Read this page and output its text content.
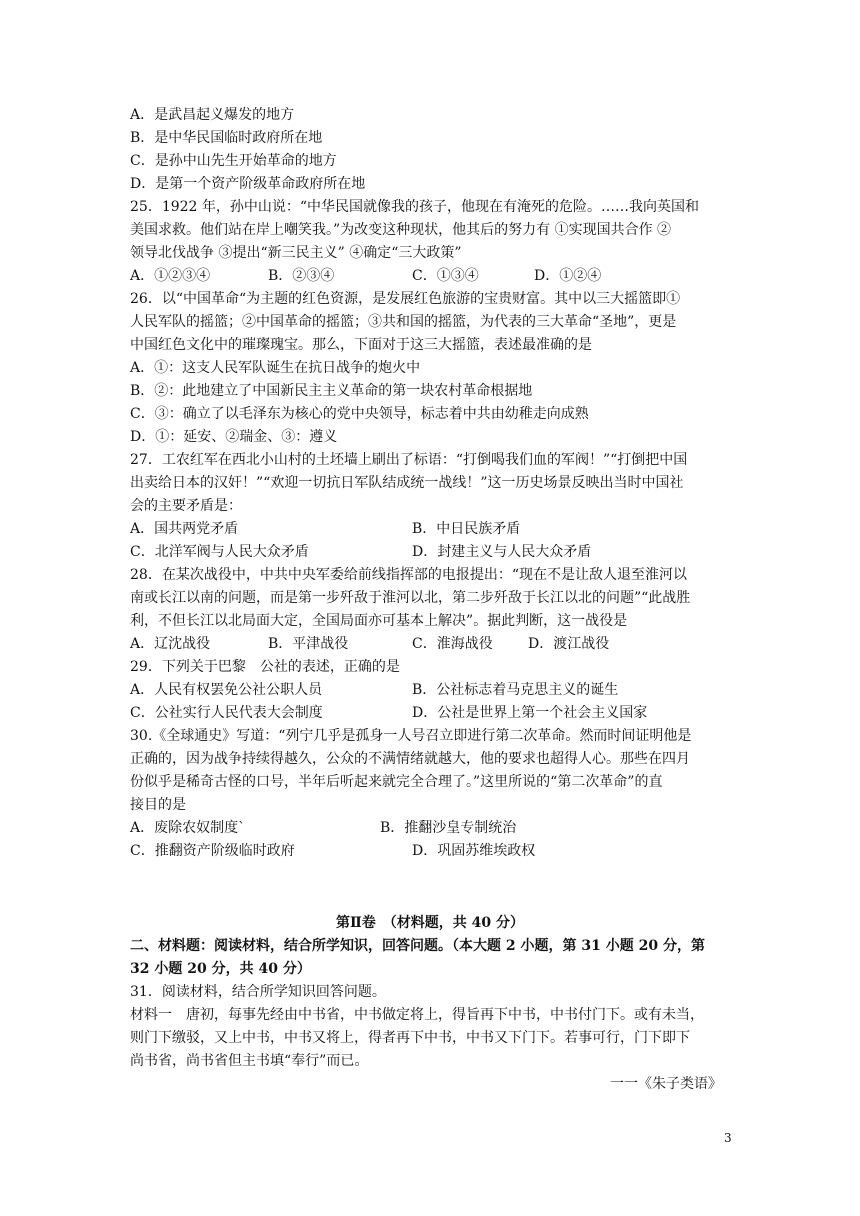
A．是武昌起义爆发的地方
B．是中华民国临时政府所在地
C．是孙中山先生开始革命的地方
D．是第一个资产阶级革命政府所在地
25．1922 年，孙中山说：“中华民国就像我的孩子，他现在有淹死的危险。……我向英国和
美国求救。他们站在岸上嘲笑我。”为改变这种现状，他其后的努力有 ①实现国共合作 ②
领导北伐战争 ③提出“新三民主义” ④确定“三大政策”
A．①②③④	B．②③④	C．①③④	D．①②④
26．以“中国革命“为主题的红色资源，是发展红色旅游的宝贵财富。其中以三大摇篮即①
人民军队的摇篮；②中国革命的摇篮；③共和国的摇篮，为代表的三大革命“圣地”，更是
中国红色文化中的璀璨瑰宝。那么，下面对于这三大摇篮，表述最准确的是
A．①：这支人民军队诞生在抗日战争的炮火中
B．②：此地建立了中国新民主主义革命的第一块农村革命根据地
C．③：确立了以毛泽东为核心的党中央领导，标志着中共由幼稚走向成熟
D．①：延安、②瑞金、③：遵义
27．工农红军在西北小山村的土坯墙上刷出了标语：“打倒喝我们血的军阀！”“打倒把中国
出卖给日本的汉奸！”“欢迎一切抗日军队结成统一战线！”这一历史场景反映出当时中国社
会的主要矛盾是：
A．国共两党矛盾	B．中日民族矛盾
C．北洋军阀与人民大众矛盾	D．封建主义与人民大众矛盾
28．在某次战役中，中共中央军委给前线指挥部的电报提出：“现在不是让敌人退至淮河以
南或长江以南的问题，而是第一步歼敌于淮河以北，第二步歼敌于长江以北的问题”“此战胜
利，不但长江以北局面大定，全国局面亦可基本上解决”。据此判断，这一战役是
A．辽沈战役	B．平津战役	C．淮海战役	D．渡江战役
29．下列关于巴黎　公社的表述，正确的是
A．人民有权罢免公社公职人员	B．公社标志着马克思主义的诞生
C．公社实行人民代表大会制度	D．公社是世界上第一个社会主义国家
30.《全球通史》写道：“列宁几乎是孤身一人号召立即进行第二次革命。然而时间证明他是
正确的，因为战争持续得越久，公众的不满情绪就越大，他的要求也超得人心。那些在四月
份似乎是稀奇古怪的口号，半年后听起来就完全合理了。”这里所说的“第二次革命”的直
接目的是
A．废除农奴制度`	B．推翻沙皇专制统治
C．推翻资产阶级临时政府	D．巩固苏维埃政权
第Ⅱ卷　（材料题，共 40 分）
二、材料题：阅读材料，结合所学知识，回答问题。（本大题 2 小题，第 31 小题 20 分，第
32 小题 20 分，共 40 分）
31．阅读材料，结合所学知识回答问题。
材料一　唐初，每事先经由中书省，中书做定将上，得旨再下中书，中书付门下。或有未当，
则门下缴驳，又上中书，中书又将上，得者再下中书，中书又下门下。若事可行，门下即下
尚书省，尚书省但主书填“奉行”而已。
一一《朱子类语》
3
